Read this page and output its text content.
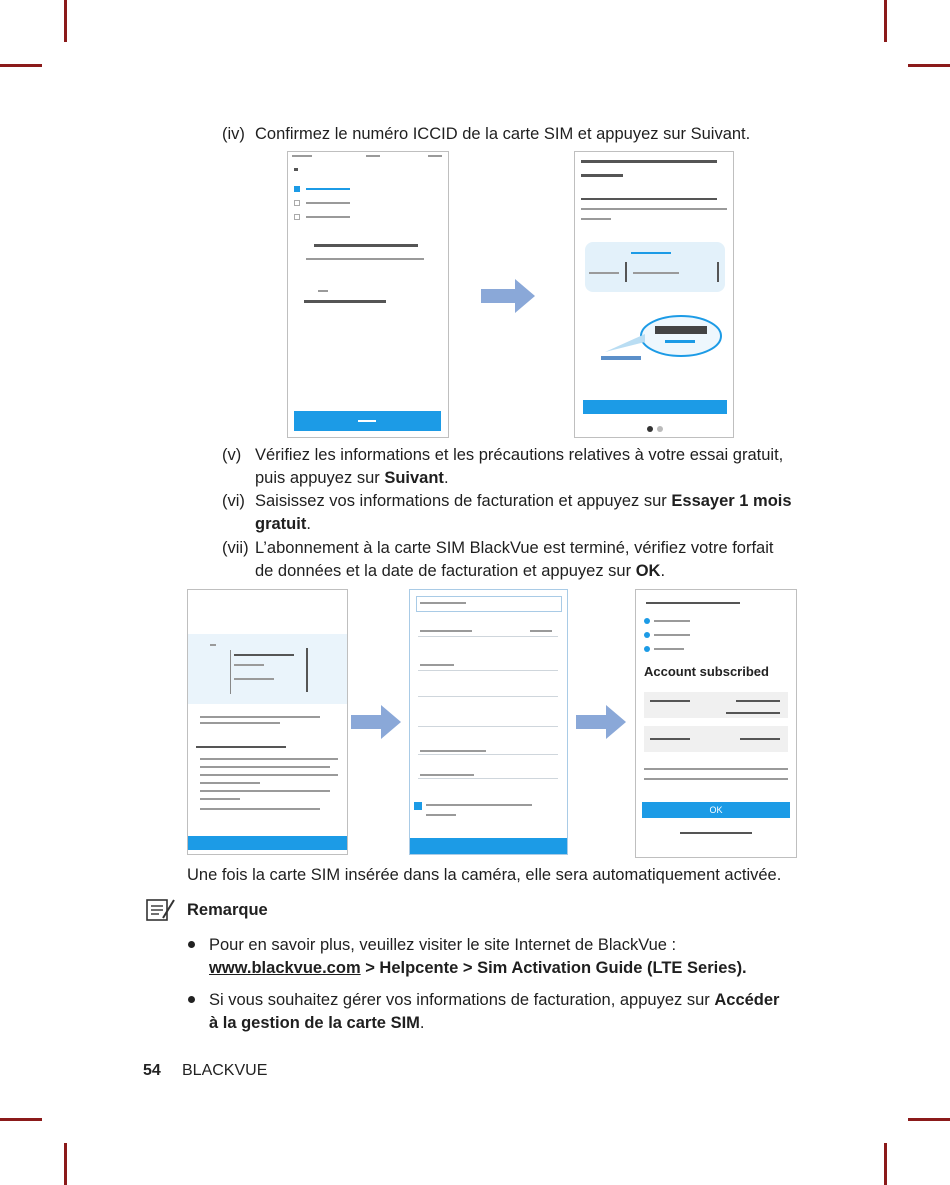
(iv) Confirmez le numéro ICCID de la carte SIM et appuyez sur Suivant.
(v) Vérifiez les informations et les précautions relatives à votre essai gratuit,
puis appuyez sur Suivant.
(vi) Saisissez vos informations de facturation et appuyez sur Essayer 1 mois
gratuit.
(vii) L’abonnement à la carte SIM BlackVue est terminé, vérifiez votre forfait
de données et la date de facturation et appuyez sur OK.
Account subscribed
OK
Une fois la carte SIM insérée dans la caméra, elle sera automatiquement activée.
Remarque
Pour en savoir plus, veuillez visiter le site Internet de BlackVue :
www.blackvue.com > Helpcente > Sim Activation Guide (LTE Series).
Si vous souhaitez gérer vos informations de facturation, appuyez sur Accéder
à la gestion de la carte SIM.
54 BLACKVUE
